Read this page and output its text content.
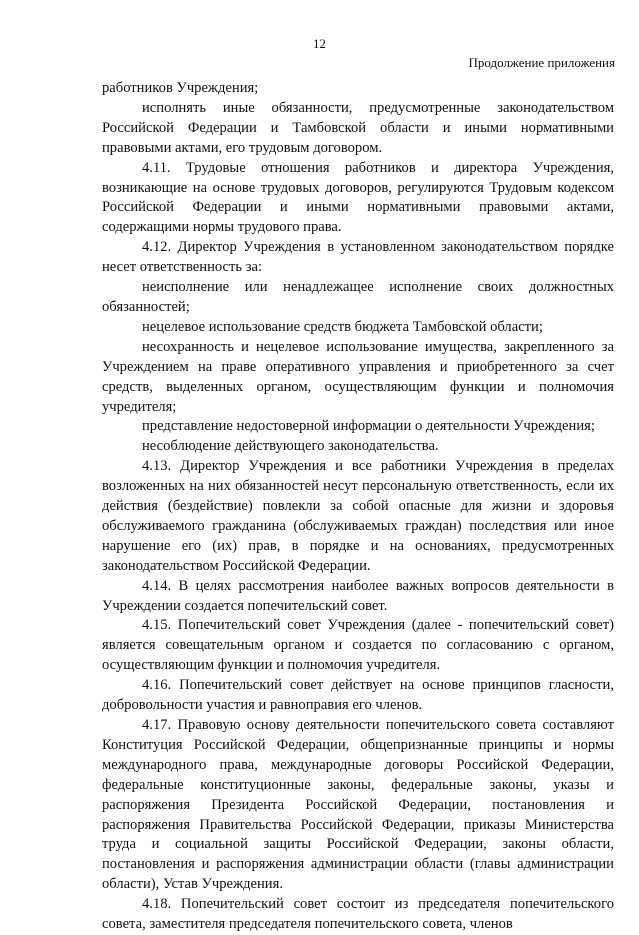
12
Продолжение приложения

работников Учреждения;

исполнять иные обязанности, предусмотренные законодательством Российской Федерации и Тамбовской области и иными нормативными правовыми актами, его трудовым договором.

4.11. Трудовые отношения работников и директора Учреждения, возникающие на основе трудовых договоров, регулируются Трудовым кодексом Российской Федерации и иными нормативными правовыми актами, содержащими нормы трудового права.

4.12. Директор Учреждения в установленном законодательством порядке несет ответственность за:

неисполнение или ненадлежащее исполнение своих должностных обязанностей;

нецелевое использование средств бюджета Тамбовской области;

несохранность и нецелевое использование имущества, закрепленного за Учреждением на праве оперативного управления и приобретенного за счет средств, выделенных органом, осуществляющим функции и полномочия учредителя;

представление недостоверной информации о деятельности Учреждения;

несоблюдение действующего законодательства.

4.13. Директор Учреждения и все работники Учреждения в пределах возложенных на них обязанностей несут персональную ответственность, если их действия (бездействие) повлекли за собой опасные для жизни и здоровья обслуживаемого гражданина (обслуживаемых граждан) последствия или иное нарушение его (их) прав, в порядке и на основаниях, предусмотренных законодательством Российской Федерации.

4.14. В целях рассмотрения наиболее важных вопросов деятельности в Учреждении создается попечительский совет.

4.15. Попечительский совет Учреждения (далее - попечительский совет) является совещательным органом и создается по согласованию с органом, осуществляющим функции и полномочия учредителя.

4.16. Попечительский совет действует на основе принципов гласности, добровольности участия и равноправия его членов.

4.17. Правовую основу деятельности попечительского совета составляют Конституция Российской Федерации, общепризнанные принципы и нормы международного права, международные договоры Российской Федерации, федеральные конституционные законы, федеральные законы, указы и распоряжения Президента Российской Федерации, постановления и распоряжения Правительства Российской Федерации, приказы Министерства труда и социальной защиты Российской Федерации, законы области, постановления и распоряжения администрации области (главы администрации области), Устав Учреждения.

4.18. Попечительский совет состоит из председателя попечительского совета, заместителя председателя попечительского совета, членов
